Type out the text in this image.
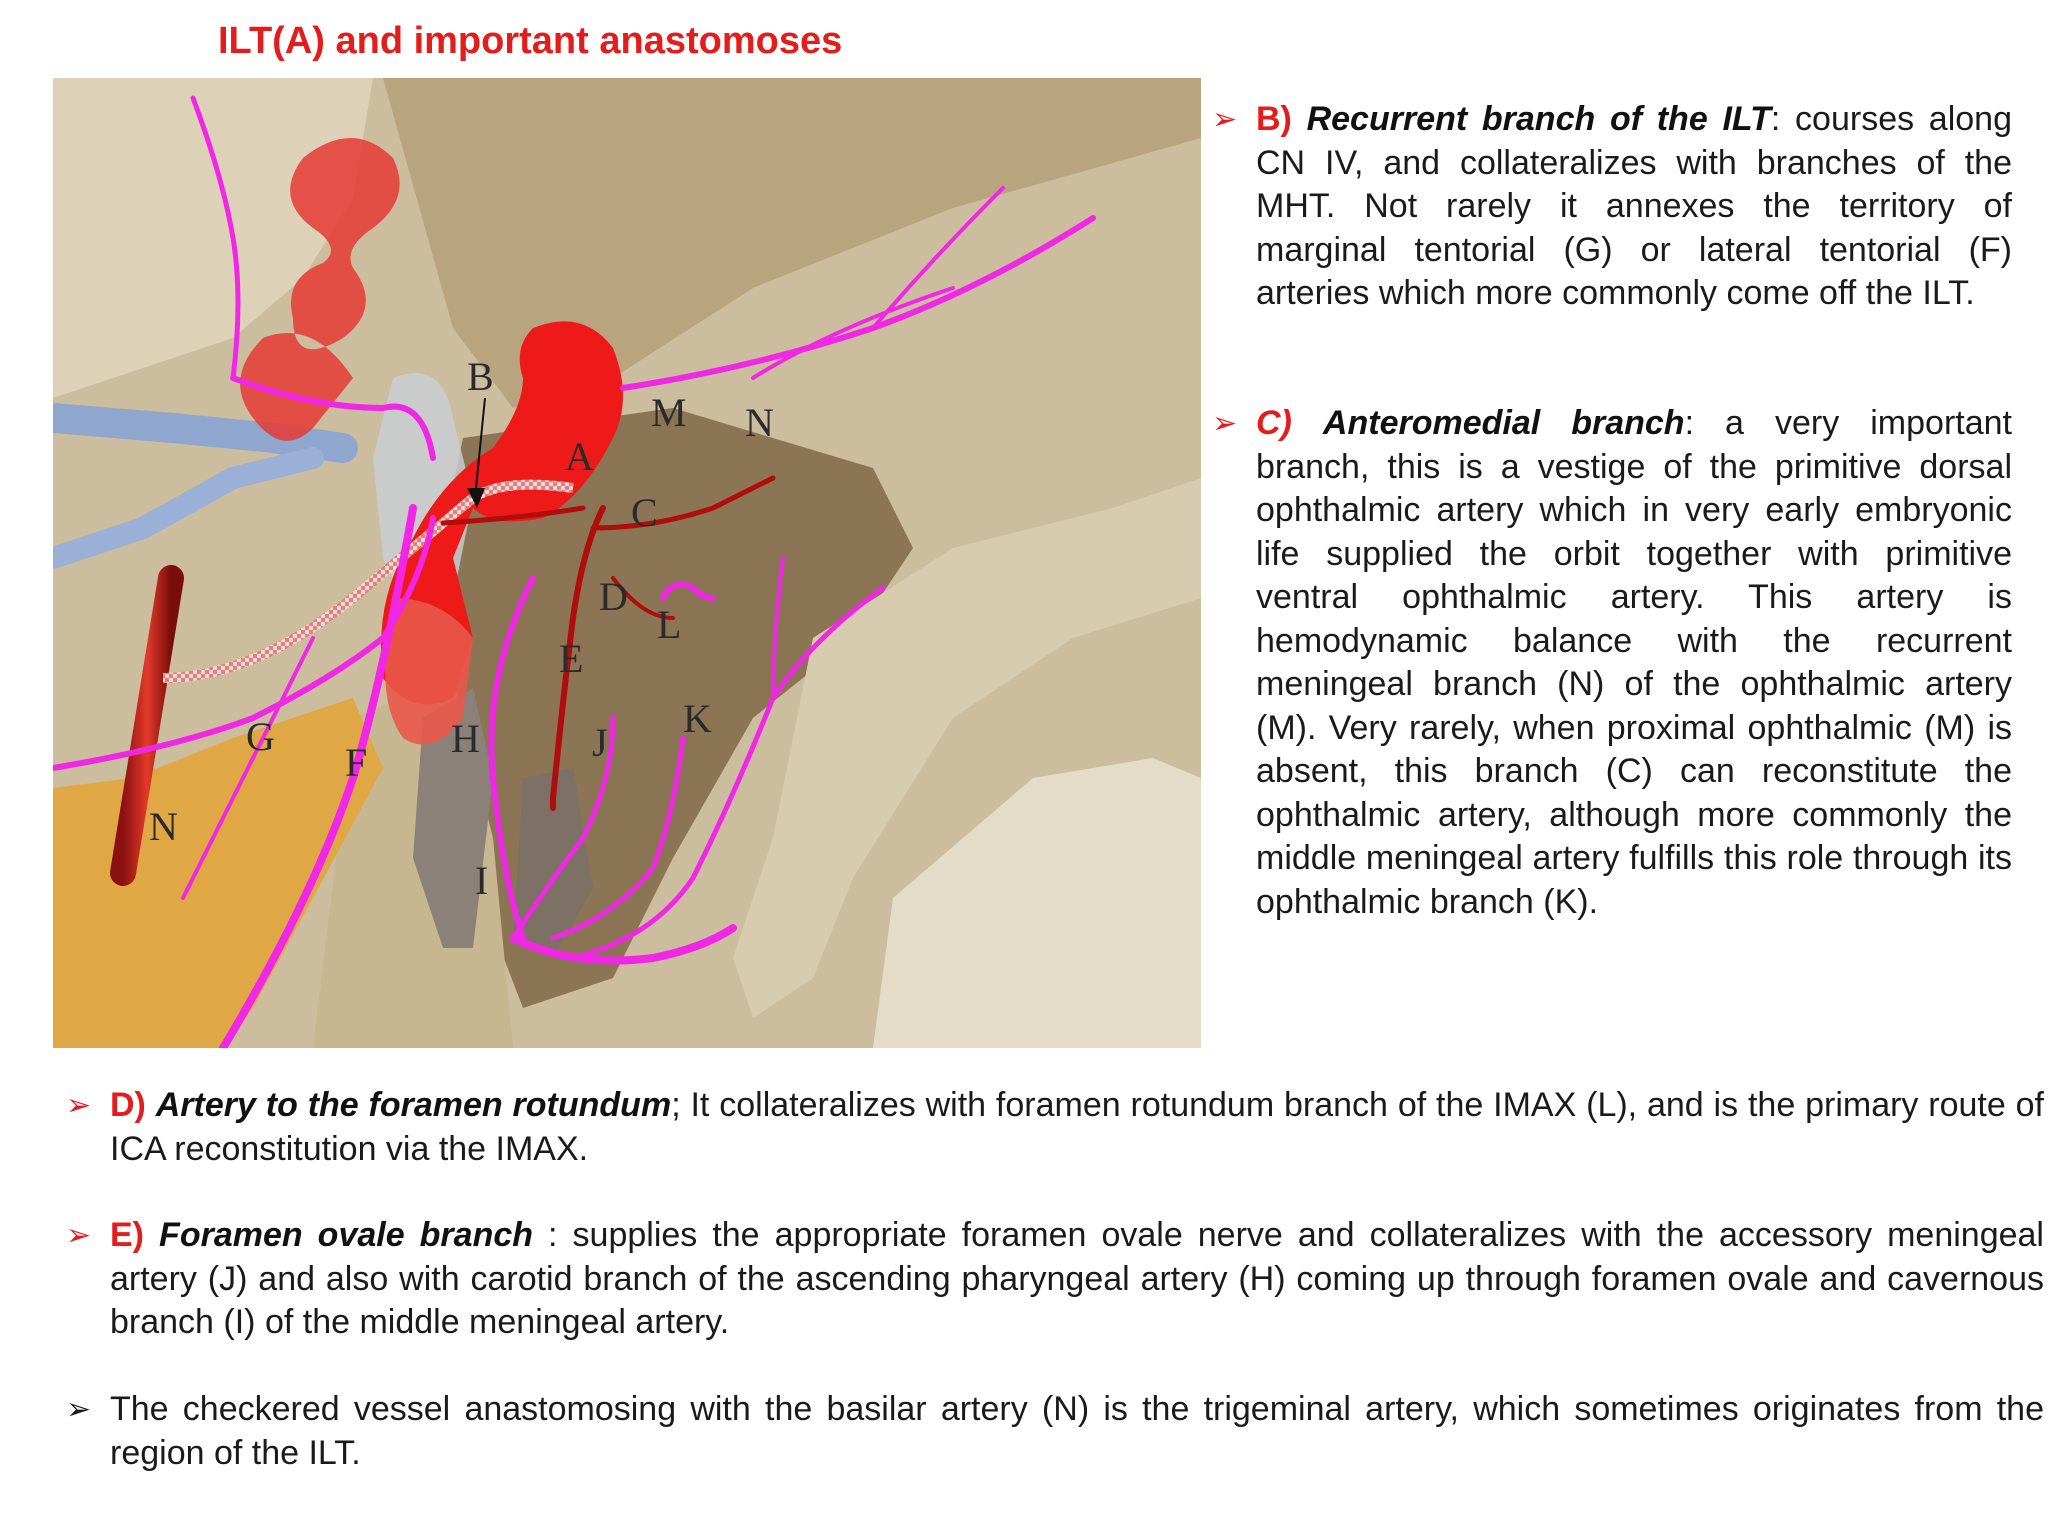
ILT(A) and important anastomoses
A
B
C
D
E
F
G	H
I
J
K
L
M N
N
➢ B) Recurrent branch of the ILT: courses along CN IV, and collateralizes with branches of the MHT. Not rarely it annexes the territory of marginal tentorial (G) or lateral tentorial (F) arteries which more commonly come off the ILT.
➢ C) Anteromedial branch: a very important branch, this is a vestige of the primitive dorsal ophthalmic artery which in very early embryonic life supplied the orbit together with primitive ventral ophthalmic artery. This artery is hemodynamic balance with the recurrent meningeal branch (N) of the ophthalmic artery (M). Very rarely, when proximal ophthalmic (M) is absent, this branch (C) can reconstitute the ophthalmic artery, although more commonly the middle meningeal artery fulfills this role through its ophthalmic branch (K).
➢ D) Artery to the foramen rotundum; It collateralizes with foramen rotundum branch of the IMAX (L), and is the primary route of ICA reconstitution via the IMAX.
➢ E) Foramen ovale branch : supplies the appropriate foramen ovale nerve and collateralizes with the accessory meningeal artery (J) and also with carotid branch of the ascending pharyngeal artery (H) coming up through foramen ovale and cavernous branch (I) of the middle meningeal artery.
➢ The checkered vessel anastomosing with the basilar artery (N) is the trigeminal artery, which sometimes originates from the region of the ILT.
